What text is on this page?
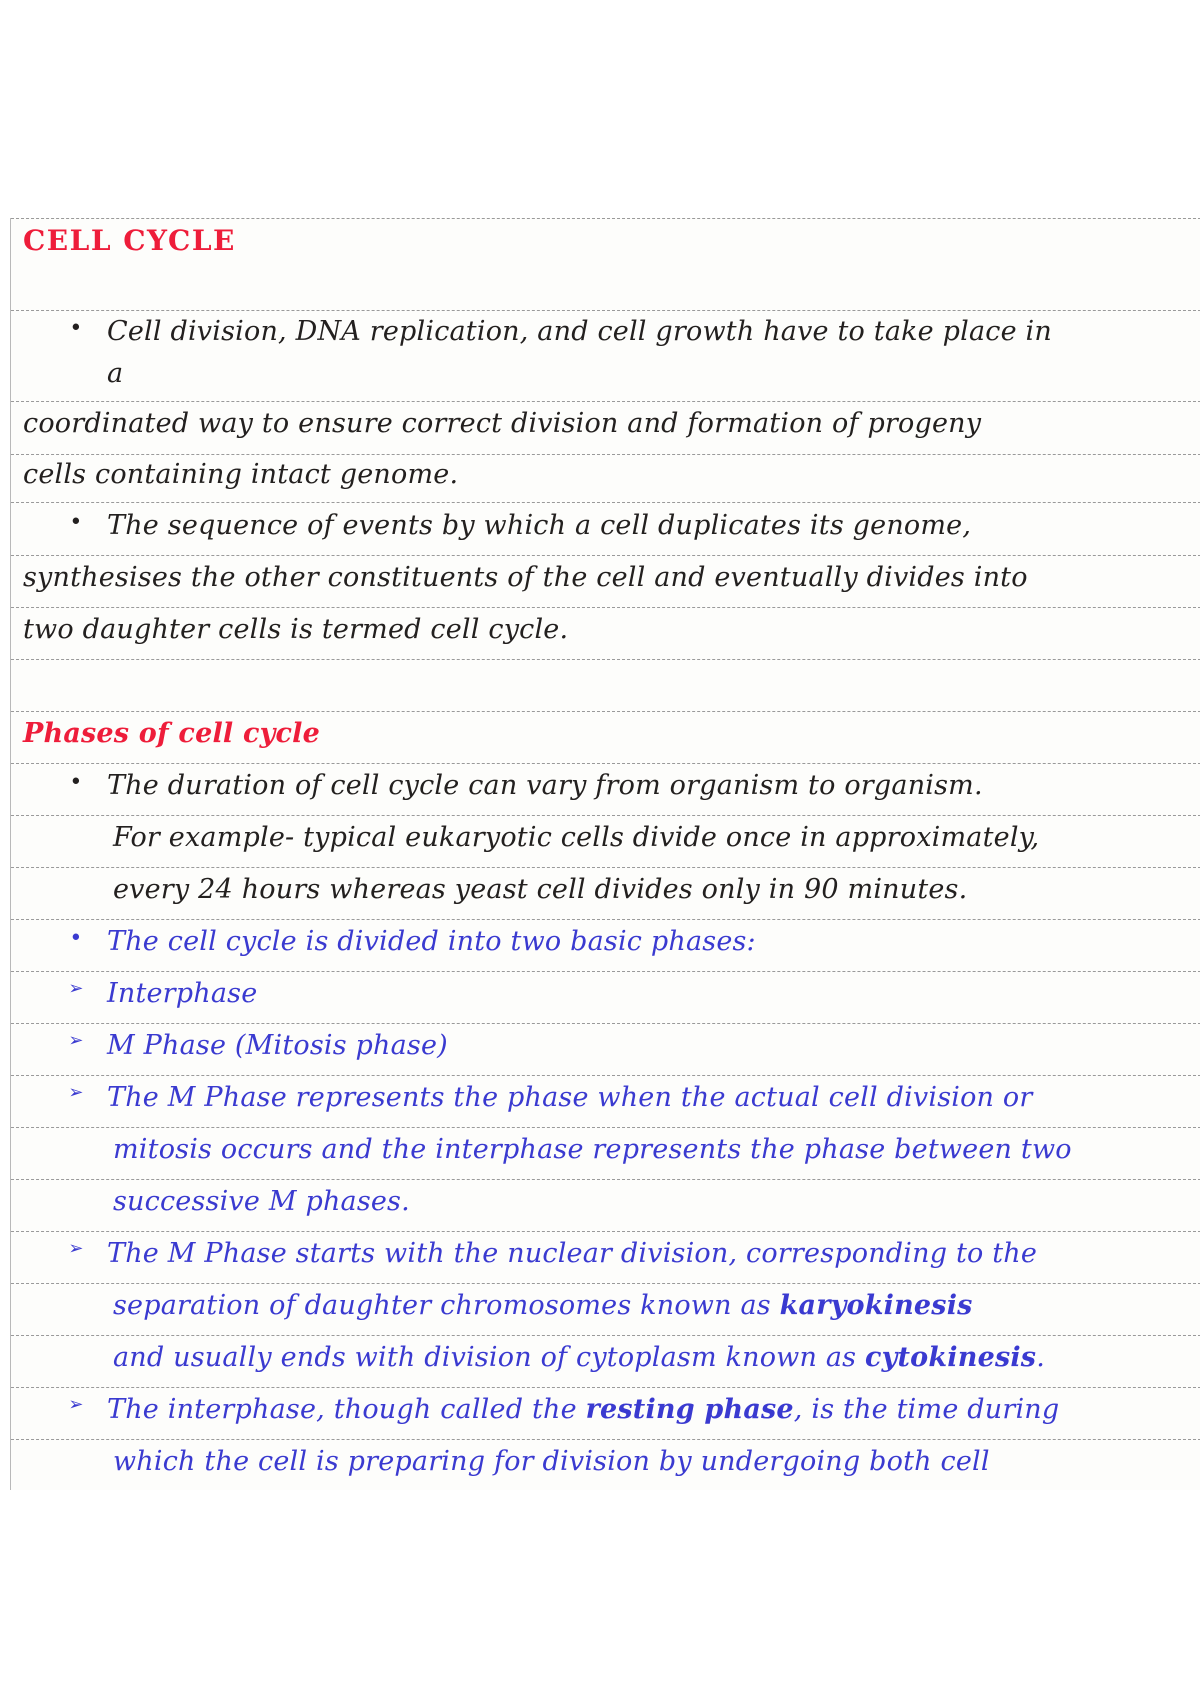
CELL CYCLE
• Cell division, DNA replication, and cell growth have to take place in
a
coordinated way to ensure correct division and formation of progeny
cells containing intact genome.
• The sequence of events by which a cell duplicates its genome,
synthesises the other constituents of the cell and eventually divides into
two daughter cells is termed cell cycle.
Phases of cell cycle
• The duration of cell cycle can vary from organism to organism.
For example- typical eukaryotic cells divide once in approximately,
every 24 hours whereas yeast cell divides only in 90 minutes.
• The cell cycle is divided into two basic phases:
➢ Interphase
➢ M Phase (Mitosis phase)
➢ The M Phase represents the phase when the actual cell division or
mitosis occurs and the interphase represents the phase between two
successive M phases.
➢ The M Phase starts with the nuclear division, corresponding to the
separation of daughter chromosomes known as karyokinesis
and usually ends with division of cytoplasm known as cytokinesis.
➢ The interphase, though called the resting phase, is the time during
which the cell is preparing for division by undergoing both cell
